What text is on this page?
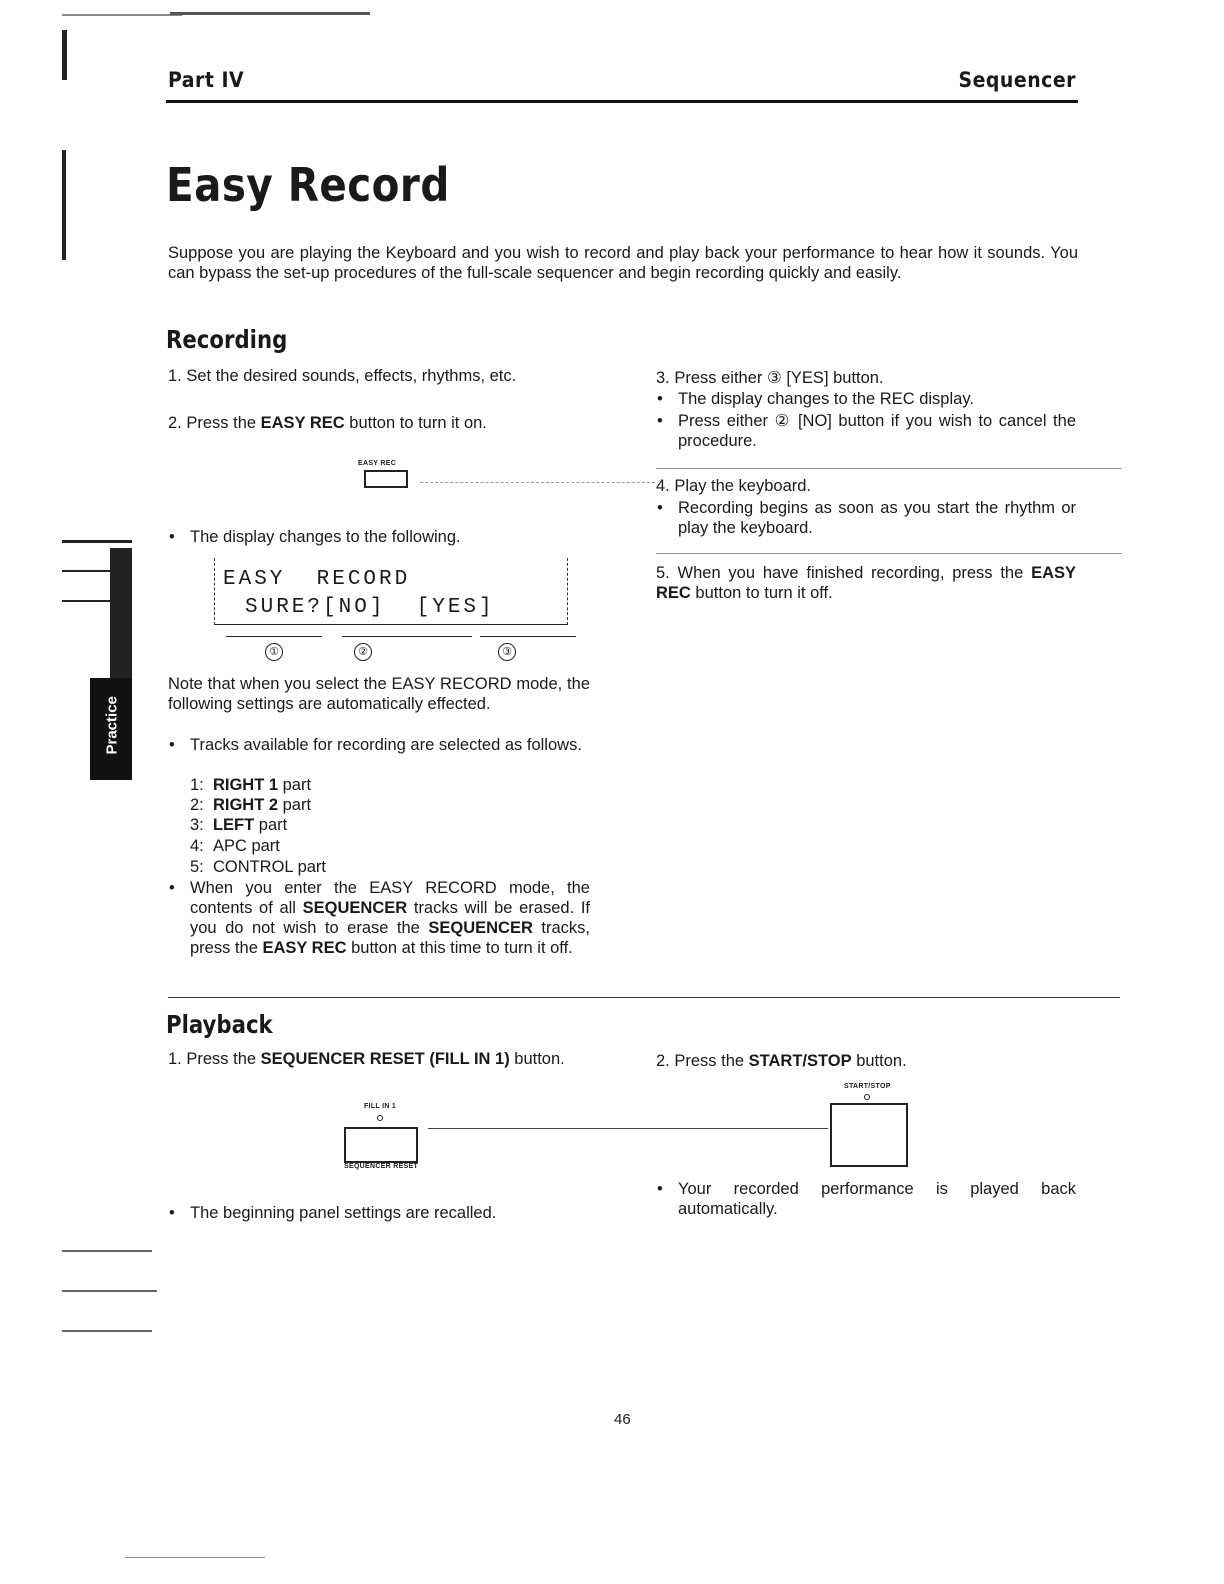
Practice
Part IV	Sequencer
Easy Record
Suppose you are playing the Keyboard and you wish to record and play back your performance to hear how it sounds. You can bypass the set-up procedures of the full-scale sequencer and begin recording quickly and easily.
Recording
1. Set the desired sounds, effects, rhythms, etc.
2. Press the EASY REC button to turn it on.
EASY REC
• The display changes to the following.
EASY  RECORD
SURE?[NO]  [YES]
①	②	③
Note that when you select the EASY RECORD mode, the following settings are automatically effected.
• Tracks available for recording are selected as follows.
1: RIGHT 1 part
2: RIGHT 2 part
3: LEFT part
4: APC part
5: CONTROL part
• When you enter the EASY RECORD mode, the contents of all SEQUENCER tracks will be erased. If you do not wish to erase the SEQUENCER tracks, press the EASY REC button at this time to turn it off.
3. Press either ③ [YES] button.
• The display changes to the REC display.
• Press either ② [NO] button if you wish to cancel the procedure.
4. Play the keyboard.
• Recording begins as soon as you start the rhythm or play the keyboard.
5. When you have finished recording, press the EASY REC button to turn it off.
Playback
1. Press the SEQUENCER RESET (FILL IN 1) button.
FILL IN 1
SEQUENCER RESET
• The beginning panel settings are recalled.
2. Press the START/STOP button.
START/STOP
• Your recorded performance is played back automatically.
46
